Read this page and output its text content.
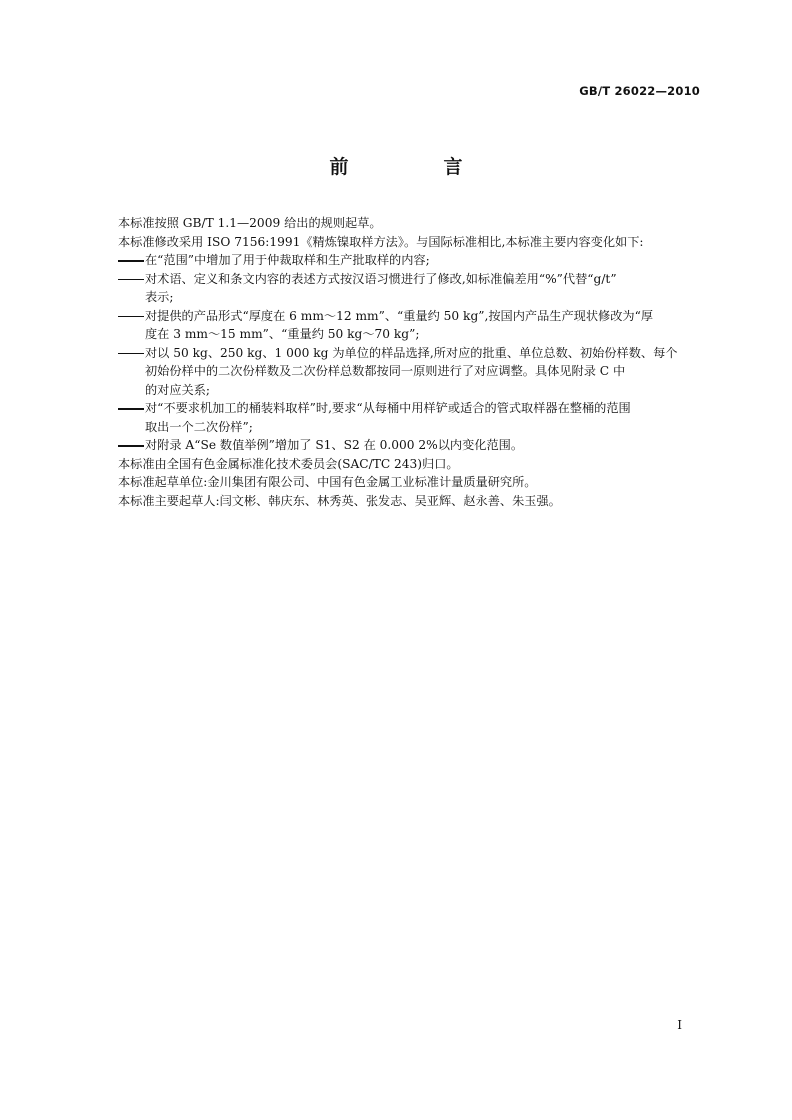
GB/T 26022—2010
前　言

本标准按照 GB/T 1.1—2009 给出的规则起草。

本标准修改采用 ISO 7156:1991《精炼镍取样方法》。与国际标准相比,本标准主要内容变化如下:

在“范围”中增加了用于仲裁取样和生产批取样的内容;
对术语、定义和条文内容的表述方式按汉语习惯进行了修改,如标准偏差用“%”代替“g/t”
表示;
对提供的产品形式“厚度在 6 mm～12 mm”、“重量约 50 kg”,按国内产品生产现状修改为“厚
度在 3 mm～15 mm”、“重量约 50 kg～70 kg”;
对以 50 kg、250 kg、1 000 kg 为单位的样品选择,所对应的批重、单位总数、初始份样数、每个
初始份样中的二次份样数及二次份样总数都按同一原则进行了对应调整。具体见附录 C 中
的对应关系;
对“不要求机加工的桶装料取样”时,要求“从每桶中用样铲或适合的管式取样器在整桶的范围
取出一个二次份样”;
对附录 A“Se 数值举例”增加了 S1、S2 在 0.000 2%以内变化范围。

本标准由全国有色金属标准化技术委员会(SAC/TC 243)归口。

本标准起草单位:金川集团有限公司、中国有色金属工业标准计量质量研究所。

本标准主要起草人:闫文彬、韩庆东、林秀英、张发志、吴亚辉、赵永善、朱玉强。

I
